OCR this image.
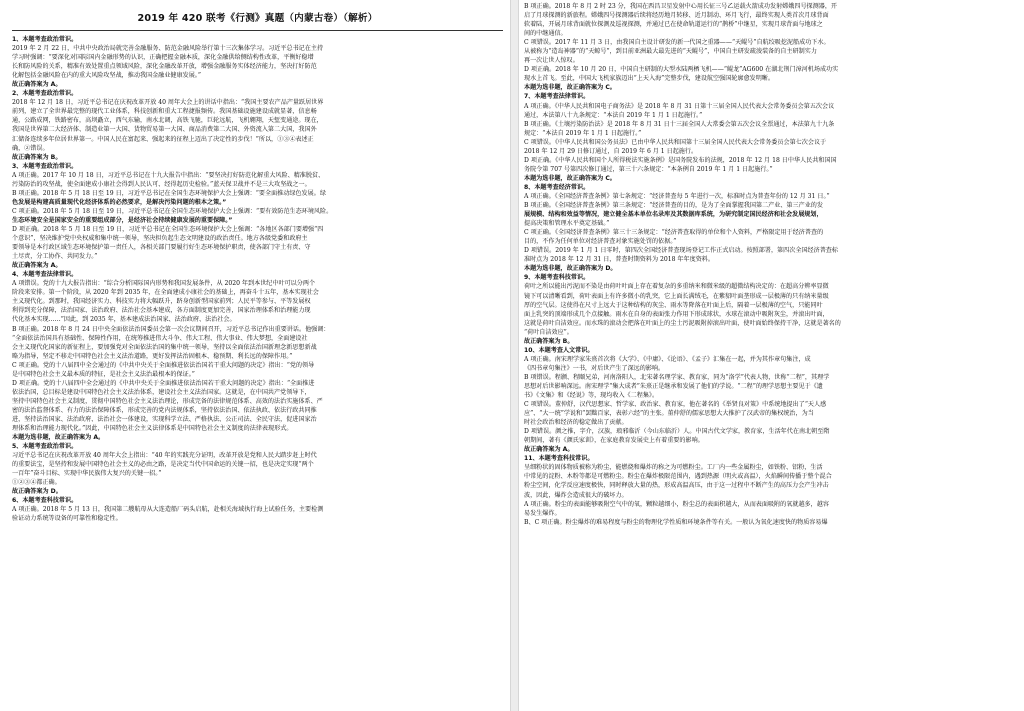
2019 年 420 联考《行测》真题（内蒙古卷）（解析）

1、本题考查政治常识。

2019 年 2 月 22 日，中共中央政治局就完善金融服务、防范金融风险举行第十三次集体学习。习近平总书记在主持

学习时强调：“要深化对国际国内金融形势的认识，正确把握金融本质，深化金融供给侧结构性改革，平衡好稳增

长和防风险的关系，精准有效处置重点领域风险，深化金融改革开放，增强金融服务实体经济能力，坚决打好防范

化解包括金融风险在内的重大风险攻坚战，推动我国金融业健康发展。”

故正确答案为 A。

2、本题考查政治常识。

2018 年 12 月 18 日，习近平总书记在庆祝改革开放 40 周年大会上的讲话中指出：“我国主要农产品产量跃居世界

前列，建立了全世界最完整的现代工业体系，科技创新和重大工程捷报频传。我国基础设施建设成就显著，信息畅

通，公路成网，铁路密布，高坝矗立，西气东输，南水北调，高铁飞驰，巨轮远航，飞机翱翔，天堑变通途。现在，

我国是世界第二大经济体、制造业第一大国、货物贸易第一大国、商品消费第二大国、外资流入第二大国，我国外

汇储备连续多年位居世界第一。中国人民在富起来、强起来的征程上迈出了决定性的步伐！”所以，①③④表述正

确，②错误。

故正确答案为 B。

3、本题考查政治常识。

A 项正确。2017 年 10 月 18 日，习近平总书记在十九大报告中指出：“要坚决打好防范化解重大风险、精准脱贫、

污染防治的攻坚战，使全面建成小康社会得到人民认可、经得起历史检验。”蓝天保卫战并不是三大攻坚战之一。

B 项正确。2018 年 5 月 18 日至 19 日，习近平总书记在全国生态环境保护大会上强调：“要全面推动绿色发展。绿

色发展是构建高质量现代化经济体系的必然要求，是解决污染问题的根本之策。”

C 项正确。2018 年 5 月 18 日至 19 日，习近平总书记在全国生态环境保护大会上强调：“要有效防范生态环境风险。

生态环境安全是国家安全的重要组成部分，是经济社会持续健康发展的重要保障。”

D 项正确。2018 年 5 月 18 日至 19 日，习近平总书记在全国生态环境保护大会上强调：“各地区各部门要增强“四

个意识”，坚决维护党中央权威和集中统一领导，坚决担负起生态文明建设的政治责任。地方各级党委和政府主

要领导是本行政区域生态环境保护第一责任人，各相关部门要履行好生态环境保护职责，使各部门守土有责、守

土尽责，分工协作、共同发力。”

故正确答案为 A。

4、本题考查法律常识。

A 项错误。党的十九大报告指出：“综合分析国际国内形势和我国发展条件，从 2020 年到本世纪中叶可以分两个

阶段来安排。第一个阶段，从 2020 年到 2035 年，在全面建成小康社会的基础上，再奋斗十五年，基本实现社会

主义现代化。到那时，我国经济实力、科技实力将大幅跃升，跻身创新型国家前列；人民平等参与、平等发展权

利得到充分保障，法治国家、法治政府、法治社会基本建成，各方面制度更加完善，国家治理体系和治理能力现

代化基本实现……”因此，到 2035 年，基本建成法治国家、法治政府、法治社会。

B 项正确。2018 年 8 月 24 日中央全面依法治国委员会第一次会议期间召开，习近平总书记作出重要讲话。他强调：

“全面依法治国具有基础性、保障性作用，在统筹推进伟大斗争、伟大工程、伟大事业、伟大梦想，全面建设社

会主义现代化国家的新征程上，要加强党对全面依法治国的集中统一领导，坚持以全面依法治国新理念新思想新战

略为指导，坚定不移走中国特色社会主义法治道路，更好发挥法治固根本、稳预期、利长远的保障作用。”

C 项正确。党的十八届四中全会通过的《中共中央关于全面推进依法治国若干重大问题的决定》指出：“党的领导

是中国特色社会主义最本质的特征，是社会主义法治最根本的保证。”

D 项正确。党的十八届四中全会通过的《中共中央关于全面推进依法治国若干重大问题的决定》指出：“全面推进

依法治国，总目标是建设中国特色社会主义法治体系，建设社会主义法治国家。这就是，在中国共产党领导下，

坚持中国特色社会主义制度，贯彻中国特色社会主义法治理论，形成完备的法律规范体系、高效的法治实施体系、严

密的法治监督体系、有力的法治保障体系，形成完善的党内法规体系，坚持依法治国、依法执政、依法行政共同推

进，坚持法治国家、法治政府、法治社会一体建设，实现科学立法、严格执法、公正司法、全民守法，促进国家治

理体系和治理能力现代化。”因此，中国特色社会主义法律体系是中国特色社会主义制度的法律表现形式。

本题为选非题，故正确答案为 A。

5、本题考查政治常识。

习近平总书记在庆祝改革开放 40 周年大会上指出：“40 年的实践充分证明，改革开放是党和人民大踏步赶上时代

的重要法宝，是坚持和发展中国特色社会主义的必由之路，是决定当代中国命运的关键一招，也是决定实现“两个

一百年”奋斗目标、实现中华民族伟大复兴的关键一招。”

①②③④都正确。

故正确答案为 D。

6、本题考查科技常识。

A 项正确。2018 年 5 月 13 日，我国第二艘航母从大连造船厂码头启航，赴相关海域执行海上试验任务，主要检测

验证动力系统等设备的可靠性和稳定性。

B 项正确。2018 年 8 月 2 时 23 分，我国在西昌卫星发射中心用长征三号乙运载火箭成功发射嫦娥四号探测器，开

启了月球探测的新旅程。嫦娥四号探测器后续将经历地月转移、近月制动、环月飞行，最终实现人类首次月球背面

软着陆，开展月球背面就位探测及巡视探测，并通过已在使命轨道运行的“鹊桥”中继星，实现月球背面与地球之

间的中继通信。

C 项错误。2017 年 11 月 3 日，由我国自主设计研发的新一代国之重器——“天鲲号”自航绞吸挖泥船成功下水。

从被称为“造岛神器”的“天鲸号”，到目前亚洲最大最先进的“天鲲号”，中国自主研发疏浚装备的自主研制实力

再一次让世人惊叹。

D 项正确。2018 年 10 月 20 日，中国自主研制的大型水陆两栖飞机——“鲲龙”AG600 在湖北荆门漳河机场成功实

现水上首飞。至此，中国大飞机家族迈出“上天入海”完整步伐，建设航空强国轮廓愈发明晰。

本题为选非题，故正确答案为 C。

7、本题考查法律常识。

A 项正确。《中华人民共和国电子商务法》是 2018 年 8 月 31 日第十三届全国人民代表大会常务委员会第五次会议

通过，本法第八十九条规定：“本法自 2019 年 1 月 1 日起施行。”

B 项正确。《土壤污染防治法》是 2018 年 8 月 31 日十三届全国人大常委会第五次会议全票通过，本法第九十九条

规定：“本法自 2019 年 1 月 1 日起施行。”

C 项错误。《中华人民共和国公务员法》已由中华人民共和国第十三届全国人民代表大会常务委员会第七次会议于

2018 年 12 月 29 日修订通过，自 2019 年 6 月 1 日起施行。

D 项正确。《中华人民共和国个人所得税法实施条例》是国务院发布的法规，2018 年 12 月 18 日中华人民共和国国

务院令第 707 号第四次修订通过，第三十六条规定：“本条例自 2019 年 1 月 1 日起施行。”

本题为选非题，故正确答案为 C。

8、本题考查经济常识。

A 项正确。《全国经济普查条例》第七条规定：“经济普查每 5 年进行一次，标准时点为普查年份的 12 月 31 日。”

B 项正确。《全国经济普查条例》第三条规定：“经济普查的目的，是为了全面掌握我国第二产业、第三产业的发

展规模、结构和效益等情况，建立健全基本单位名录库及其数据库系统，为研究制定国民经济和社会发展规划，

提高决策和管理水平奠定基础。”

C 项正确。《全国经济普查条例》第三十三条规定：“经济普查取得的单位和个人资料，严格限定用于经济普查的

目的，不作为任何单位对经济普查对象实施处罚的依据。”

D 项错误。2019 年 1 月 1 日零时，第四次全国经济普查现场登记工作正式启动。按照部署，第四次全国经济普查标

准时点为 2018 年 12 月 31 日，普查时期资料为 2018 年年度资料。

本题为选非题，故正确答案为 D。

9、本题考查科技常识。

荷叶之所以能出污泥而不染是由荷叶叶面上存在着复杂的多重纳米和微米级的超微结构决定的：在超高分辨率显微

镜下可以清晰看到，荷叶表面上有许多微小的乳突，它上面长满绒毛，在紫貂叶面垄形成一层极薄的只有纳米量级

厚的空气层。这使得在尺寸上远大于这种结构的灰尘、雨水等降落在叶面上后，隔着一层极薄的空气，只能同叶

面上乳突的顶端形成几个点接触。雨水在自身的表面张力作用下形成球状，水球在滚动中吸附灰尘，并滚出叶面，

这就是荷叶自洁效应。而水珠的滚动会把落在叶面上的尘土污泥吸附掉滚出叶面，使叶面始终保持干净，这就是著名的

“荷叶自洁效应”。

故正确答案为 B。

10、本题考查人文常识。

A 项正确。南宋理学家朱熹首次将《大学》、《中庸》、《论语》、《孟子》汇集在一起，并为其作章句集注，成

《四书章句集注》一书，对后世产生了深远的影响。

B 项错误。程颢、程颐兄弟，河南洛阳人，北宋著名理学家、教育家，同为“洛学”代表人物，世称“二程”，其理学

思想对后世影响深远。南宋理学“集大成者”朱熹正是继承和发展了他们的学说。“二程”的理学思想主要见于《遗

书》《文集》和《经说》等，现均收入《二程集》。

C 项错误。董仲舒，汉代思想家、哲学家、政治家、教育家，他在著名的《举贤良对策》中系统地提出了“天人感

应”、“大一统”学说和“罢黜百家，表彰六经”的主张。董仲舒的儒家思想大大推护了汉武帝的集权统治，为当

时社会政治和经济的稳定做出了贡献。

D 项错误。颜之推，字介，汉族，琅邪临沂（今山东临沂）人。中国古代文学家，教育家，生活年代在南北朝至隋

朝期间，著有《颜氏家训》，在家庭教育发展史上有着重要的影响。

故正确答案为 A。

11、本题考查科技常识。

呈细粉状的固体物质被称为粉尘，能燃烧和爆炸的称之为可燃粉尘。工厂内一些金属粉尘，如铁粉、铝粉，生活

中常见的淀粉、木粉等都是可燃粉尘。粉尘在爆炸极限范围内，遇到热源（明火或高温），火焰瞬间传播于整个混合

粉尘空间，化学反应速度极快，同时释放大量的热，形成高温高压，由于这一过程中不断产生的高压力会产生冲击

波，因此，爆炸会造成很大的破坏力。

A 项正确。粉尘的表面能够吸附空气中的氧，颗粒越细小，粉尘总的表面积越大，从而表面吸附的氧就越多，越容

易发生爆炸。

B、C 项正确。粉尘爆炸的难易程度与粉尘的物理化学性质和环境条件等有关。一般认为氧化速度快的物质容易爆
